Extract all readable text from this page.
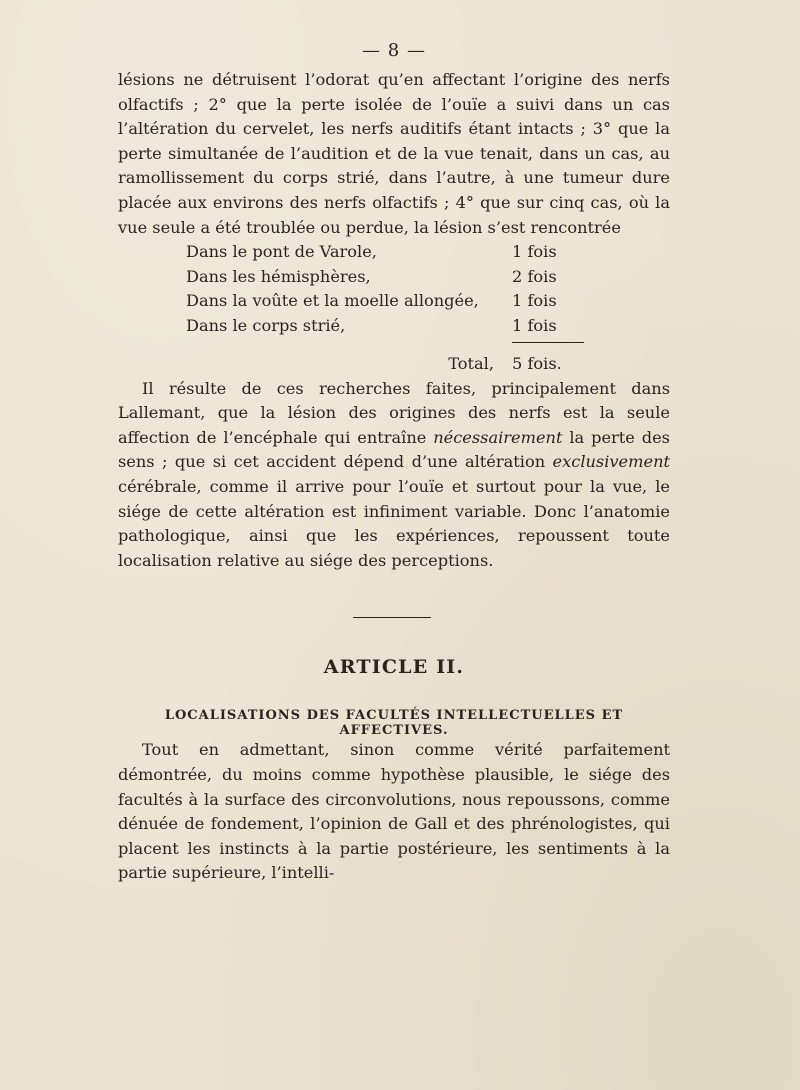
— 8 —

lésions ne détruisent l’odorat qu’en affectant l’origine des nerfs olfactifs ; 2° que la perte isolée de l’ouïe a suivi dans un cas l’altération du cervelet, les nerfs auditifs étant intacts ; 3° que la perte simultanée de l’audition et de la vue tenait, dans un cas, au ramollissement du corps strié, dans l’autre, à une tumeur dure placée aux environs des nerfs olfactifs ; 4° que sur cinq cas, où la vue seule a été troublée ou perdue, la lésion s’est rencontrée

Dans le pont de Varole,	1 fois
Dans les hémisphères,	2 fois
Dans la voûte et la moelle allongée,	1 fois
Dans le corps strié,	1 fois

Total,	5 fois.

Il résulte de ces recherches faites, principalement dans Lallemant, que la lésion des origines des nerfs est la seule affection de l’encéphale qui entraîne nécessairement la perte des sens ; que si cet accident dépend d’une altération exclusivement cérébrale, comme il arrive pour l’ouïe et surtout pour la vue, le siége de cette altération est infiniment variable. Donc l’anatomie pathologique, ainsi que les expériences, repoussent toute localisation relative au siége des perceptions.

ARTICLE II.
LOCALISATIONS DES FACULTÉS INTELLECTUELLES ET AFFECTIVES.

Tout en admettant, sinon comme vérité parfaitement démontrée, du moins comme hypothèse plausible, le siége des facultés à la surface des circonvolutions, nous repoussons, comme dénuée de fondement, l’opinion de Gall et des phrénologistes, qui placent les instincts à la partie postérieure, les sentiments à la partie supérieure, l’intelli-
